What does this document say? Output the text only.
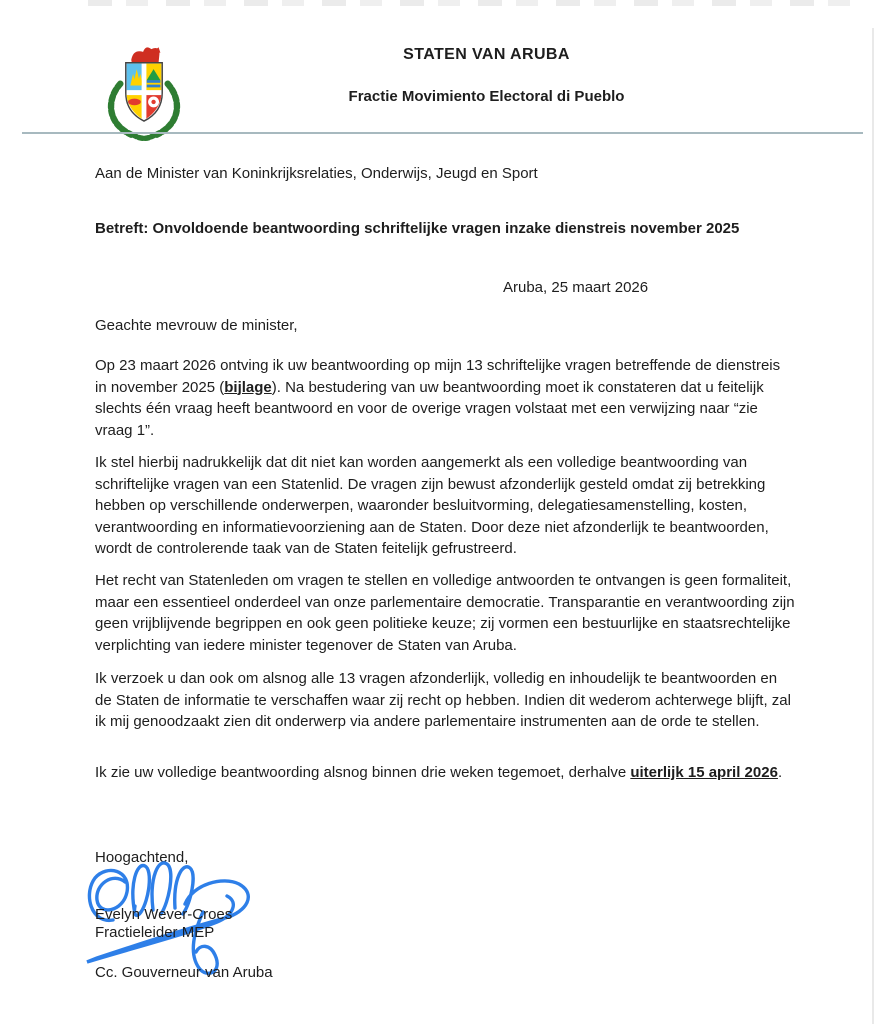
STATEN VAN ARUBA
Fractie Movimiento Electoral di Pueblo
Aan de Minister van Koninkrijksrelaties, Onderwijs, Jeugd en Sport
Betreft: Onvoldoende beantwoording schriftelijke vragen inzake dienstreis november 2025
Aruba, 25 maart 2026
Geachte mevrouw de minister,

Op 23 maart 2026 ontving ik uw beantwoording op mijn 13 schriftelijke vragen betreffende de dienstreis in november 2025 (bijlage). Na bestudering van uw beantwoording moet ik constateren dat u feitelijk slechts één vraag heeft beantwoord en voor de overige vragen volstaat met een verwijzing naar “zie vraag 1”.

Ik stel hierbij nadrukkelijk dat dit niet kan worden aangemerkt als een volledige beantwoording van schriftelijke vragen van een Statenlid. De vragen zijn bewust afzonderlijk gesteld omdat zij betrekking hebben op verschillende onderwerpen, waaronder besluitvorming, delegatiesamenstelling, kosten, verantwoording en informatievoorziening aan de Staten. Door deze niet afzonderlijk te beantwoorden, wordt de controlerende taak van de Staten feitelijk gefrustreerd.

Het recht van Statenleden om vragen te stellen en volledige antwoorden te ontvangen is geen formaliteit, maar een essentieel onderdeel van onze parlementaire democratie. Transparantie en verantwoording zijn geen vrijblijvende begrippen en ook geen politieke keuze; zij vormen een bestuurlijke en staatsrechtelijke verplichting van iedere minister tegenover de Staten van Aruba.

Ik verzoek u dan ook om alsnog alle 13 vragen afzonderlijk, volledig en inhoudelijk te beantwoorden en de Staten de informatie te verschaffen waar zij recht op hebben. Indien dit wederom achterwege blijft, zal ik mij genoodzaakt zien dit onderwerp via andere parlementaire instrumenten aan de orde te stellen.

Ik zie uw volledige beantwoording alsnog binnen drie weken tegemoet, derhalve uiterlijk 15 april 2026.

Hoogachtend,
Evelyn Wever-Croes
Fractieleider MEP
Cc. Gouverneur van Aruba
